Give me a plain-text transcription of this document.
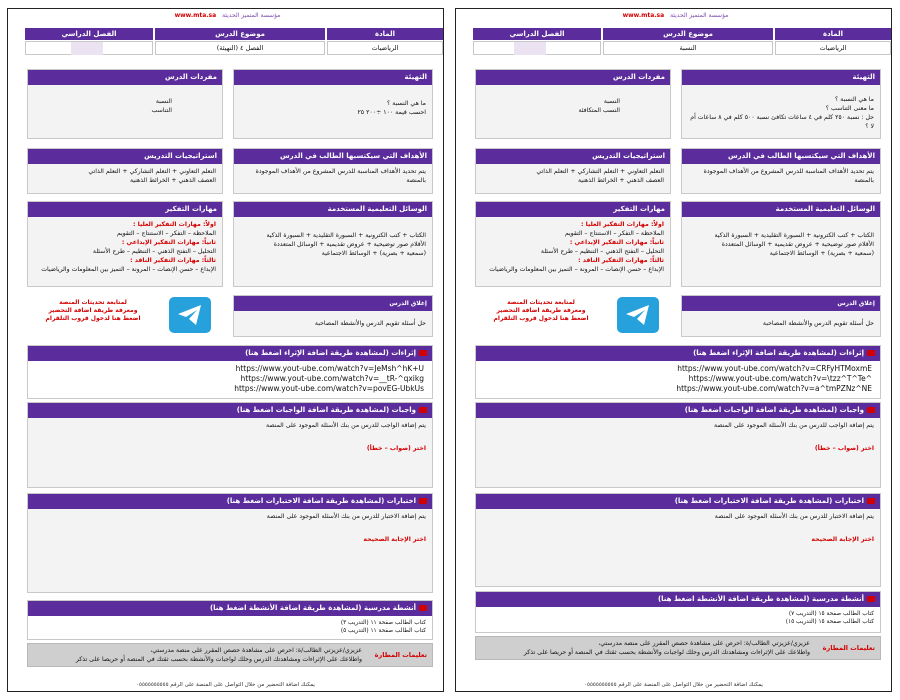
مؤسسة المتميز الحديثة www.mta.sa
المادة
موضوع الدرس
الفصل الدراسي
الرياضيات
الفصل ٤ (النهيئة)
التهيئة
ما هي النسبة ؟
احسب قيمة ١٠٠ ÷٢٠٠ ٢٥
مفردات الدرس
النسبة
التناسب
الأهداف التي سيكتسبها الطالب في الدرس
يتم تحديد الأهداف المناسبة للدرس المشروع من الأهداف الموجودة
بالمنصة
استراتيجيات التدريس
التعلم التعاوني + التعلم التشاركي + التعلم الذاتي
العصف الذهني + الخرائط الذهنية
الوسائل التعليمية المستخدمة
الكتاب + كتب الكترونية + السبورة التقليدية + السبورة الذكية
الأقلام صور توضيحية + عروض تقديمية + الوسائل المتعددة
(سمعية + بصرية) + الوسائط الاجتماعية
مهارات التفكير
اولاً: مهارات التفكير العليا :
الملاحظة – التفكر – الاستنتاج – التقويم
ثانياً: مهارات التفكير الإبداعي :
التحليل – التفتح الذهني – التنظيم – طرح الأسئلة
ثالثاً: مهارات التفكير الناقد :
الإبداع – حسن الإنصات – المرونة – التميز بين المعلومات والرياضيات
إغلاق الدرس
حل أسئلة تقويم الدرس والأنشطة المصاحبة
لمتابعة تحديثات المنصة
ومعرفة طريقة اضافة التحضير
اضغط هنا لدخول قروب التلقرام
إثراءات (لمشاهدة طريقة اضافة الإثراء اضغط هنا)
https://www.yout-ube.com/watch?v=JeMsh^hK+U
https://www.yout-ube.com/watch?v=__tR-^qxikg
https://www.yout-ube.com/watch?v=povEG-UbkUs
واجبات (لمشاهدة طريقة اضافة الواجبات اضغط هنا)
يتم إضافة الواجب للدرس من بنك الأسئلة الموجود على المنصة
اختر (صواب – خطأ)
اختبارات (لمشاهدة طريقة اضافة الاختبارات اضغط هنا)
يتم إضافة الاختبار للدرس من بنك الأسئلة الموجود على المنصة
اختر الإجابة الصحيحة
أنشطة مدرسية (لمشاهدة طريقة اضافة الأنشطة اضغط هنا)
كتاب الطالب صفحة ١١ (التدريب ٣)
كتاب الطالب صفحة ١١ (التدريب ٥)
تعليمات المطارة
عزيزي/عزيزتي الطالب/ة: احرص على مشاهدة حصص المقرر على منصة مدرستي،
واطلاعك على الإثراءات ومشاهدتك الدرس وحلك لواجبات والأنشطة بحسب ثقتك في المنصة أو حريصا على تذكر
يمكنك اضافة التحضير من خلال التواصل على المنصة على الرقم ٠٥٥٥٥٥٥٥٥٥٥
مؤسسة المتميز الحديثة www.mta.sa
المادة
موضوع الدرس
الفصل الدراسي
الرياضيات
النسبة
التهيئة
ما هي النسبة ؟
ما معنى التناسب ؟
حل : نسبة ٢٥٠ كلم في ٤ ساعات تكافئ نسبة ٥٠٠ كلم في ٨ ساعات أم لا ؟
مفردات الدرس
النسبة
النسب المتكافئة
الأهداف التي سيكتسبها الطالب في الدرس
يتم تحديد الأهداف المناسبة للدرس المشروع من الأهداف الموجودة
بالمنصة
استراتيجيات التدريس
التعلم التعاوني + التعلم التشاركي + التعلم الذاتي
العصف الذهني + الخرائط الذهنية
الوسائل التعليمية المستخدمة
الكتاب + كتب الكترونية + السبورة التقليدية + السبورة الذكية
الأقلام صور توضيحية + عروض تقديمية + الوسائل المتعددة
(سمعية + بصرية) + الوسائط الاجتماعية
مهارات التفكير
اولاً: مهارات التفكير العليا :
الملاحظة – التفكر – الاستنتاج – التقويم
ثانياً: مهارات التفكير الإبداعي :
التحليل – التفتح الذهني – التنظيم – طرح الأسئلة
ثالثاً: مهارات التفكير الناقد :
الإبداع – حسن الإنصات – المرونة – التميز بين المعلومات والرياضيات
إغلاق الدرس
حل أسئلة تقويم الدرس والأنشطة المصاحبة
لمتابعة تحديثات المنصة
ومعرفة طريقة اضافة التحضير
اضغط هنا لدخول قروب التلقرام
إثراءات (لمشاهدة طريقة اضافة الإثراء اضغط هنا)
https://www.yout-ube.com/watch?v=CRFyHTMoxmE
https://www.yout-ube.com/watch?v=\tzz^T^Te^
https://www.yout-ube.com/watch?v=a^tmPZNz^NE
واجبات (لمشاهدة طريقة اضافة الواجبات اضغط هنا)
يتم إضافة الواجب للدرس من بنك الأسئلة الموجود على المنصة
اختر (صواب – خطأ)
اختبارات (لمشاهدة طريقة اضافة الاختبارات اضغط هنا)
يتم إضافة الاختبار للدرس من بنك الأسئلة الموجود على المنصة
اختر الإجابة الصحيحة
أنشطة مدرسية (لمشاهدة طريقة اضافة الأنشطة اضغط هنا)
كتاب الطالب صفحة ١٥ (التدريب ٧)
كتاب الطالب صفحة ١٥ (التدريب ١٥)
تعليمات المطارة
عزيزي/عزيزتي الطالب/ة: احرص على مشاهدة حصص المقرر على منصة مدرستي،
واطلاعك على الإثراءات ومشاهدتك الدرس وحلك لواجبات والأنشطة بحسب ثقتك في المنصة أو حريصا على تذكر
يمكنك اضافة التحضير من خلال التواصل على المنصة على الرقم ٠٥٥٥٥٥٥٥٥٥٥
